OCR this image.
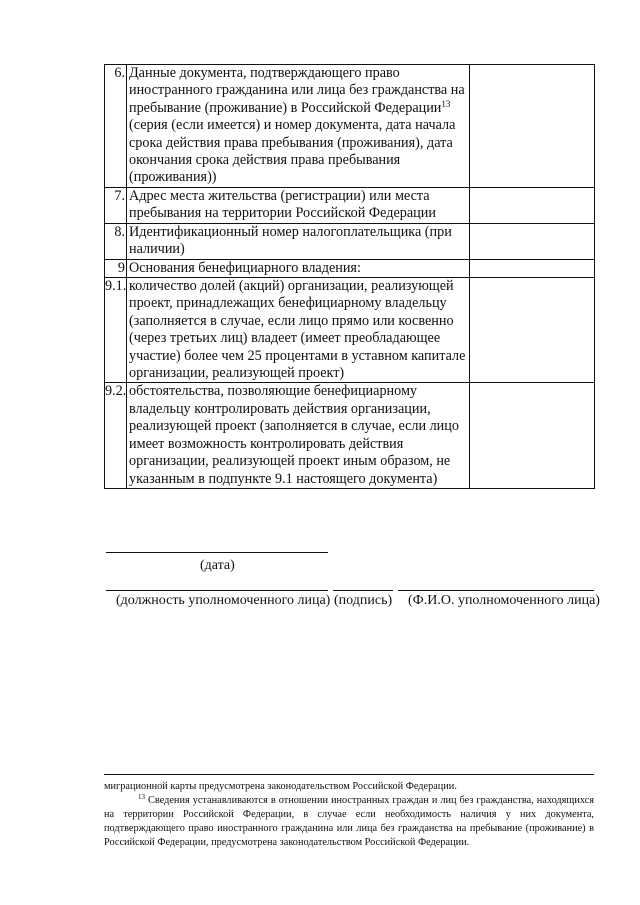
6.	Данные документа, подтверждающего право иностранного гражданина или лица без гражданства на пребывание (проживание) в Российской Федерации$^{13}$ (серия (если имеется) и номер документа, дата начала срока действия права пребывания (проживания), дата окончания срока действия права пребывания (проживания))	
7.	Адрес места жительства (регистрации) или места пребывания на территории Российской Федерации	
8.	Идентификационный номер налогоплательщика (при наличии)	
9	Основания бенефициарного владения:	
9.1.	количество долей (акций) организации, реализующей проект, принадлежащих бенефициарному владельцу (заполняется в случае, если лицо прямо или косвенно (через третьих лиц) владеет (имеет преобладающее участие) более чем 25 процентами в уставном капитале организации, реализующей проект)	
9.2.	обстоятельства, позволяющие бенефициарному владельцу контролировать действия организации, реализующей проект (заполняется в случае, если лицо имеет возможность контролировать действия организации, реализующей проект иным образом, не указанным в подпункте 9.1 настоящего документа)	
(дата)
(должность уполномоченного лица) (подпись) (Ф.И.О. уполномоченного лица)

миграционной карты предусмотрена законодательством Российской Федерации.

$^{13}$ Сведения устанавливаются в отношении иностранных граждан и лиц без гражданства, находящихся на территории Российской Федерации, в случае если необходимость наличия у них документа, подтверждающего право иностранного гражданина или лица без гражданства на пребывание (проживание) в Российской Федерации, предусмотрена законодательством Российской Федерации.
